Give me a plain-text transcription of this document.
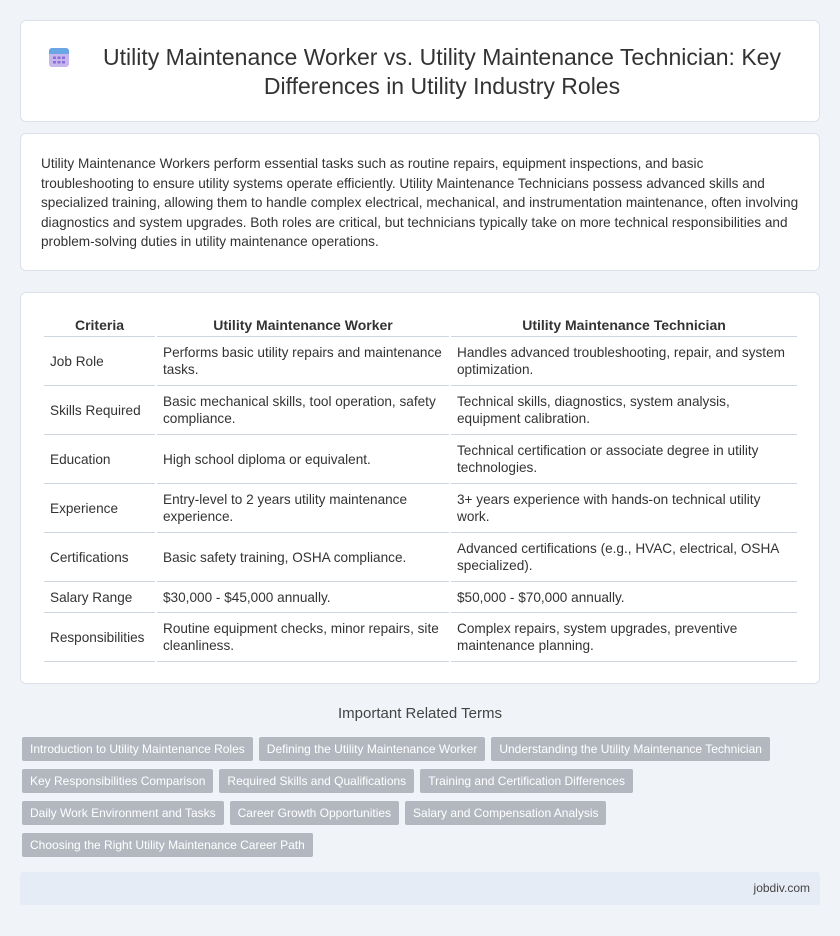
Utility Maintenance Worker vs. Utility Maintenance Technician: Key Differences in Utility Industry Roles

Utility Maintenance Workers perform essential tasks such as routine repairs, equipment inspections, and basic troubleshooting to ensure utility systems operate efficiently. Utility Maintenance Technicians possess advanced skills and specialized training, allowing them to handle complex electrical, mechanical, and instrumentation maintenance, often involving diagnostics and system upgrades. Both roles are critical, but technicians typically take on more technical responsibilities and problem-solving duties in utility maintenance operations.

Criteria	Utility Maintenance Worker	Utility Maintenance Technician
Job Role	Performs basic utility repairs and maintenance tasks.	Handles advanced troubleshooting, repair, and system optimization.
Skills Required	Basic mechanical skills, tool operation, safety compliance.	Technical skills, diagnostics, system analysis, equipment calibration.
Education	High school diploma or equivalent.	Technical certification or associate degree in utility technologies.
Experience	Entry-level to 2 years utility maintenance experience.	3+ years experience with hands-on technical utility work.
Certifications	Basic safety training, OSHA compliance.	Advanced certifications (e.g., HVAC, electrical, OSHA specialized).
Salary Range	$30,000 - $45,000 annually.	$50,000 - $70,000 annually.
Responsibilities	Routine equipment checks, minor repairs, site cleanliness.	Complex repairs, system upgrades, preventive maintenance planning.
Important Related Terms
Introduction to Utility Maintenance Roles	Defining the Utility Maintenance Worker	Understanding the Utility Maintenance Technician
Key Responsibilities Comparison	Required Skills and Qualifications	Training and Certification Differences
Daily Work Environment and Tasks	Career Growth Opportunities	Salary and Compensation Analysis
Choosing the Right Utility Maintenance Career Path
jobdiv.com
